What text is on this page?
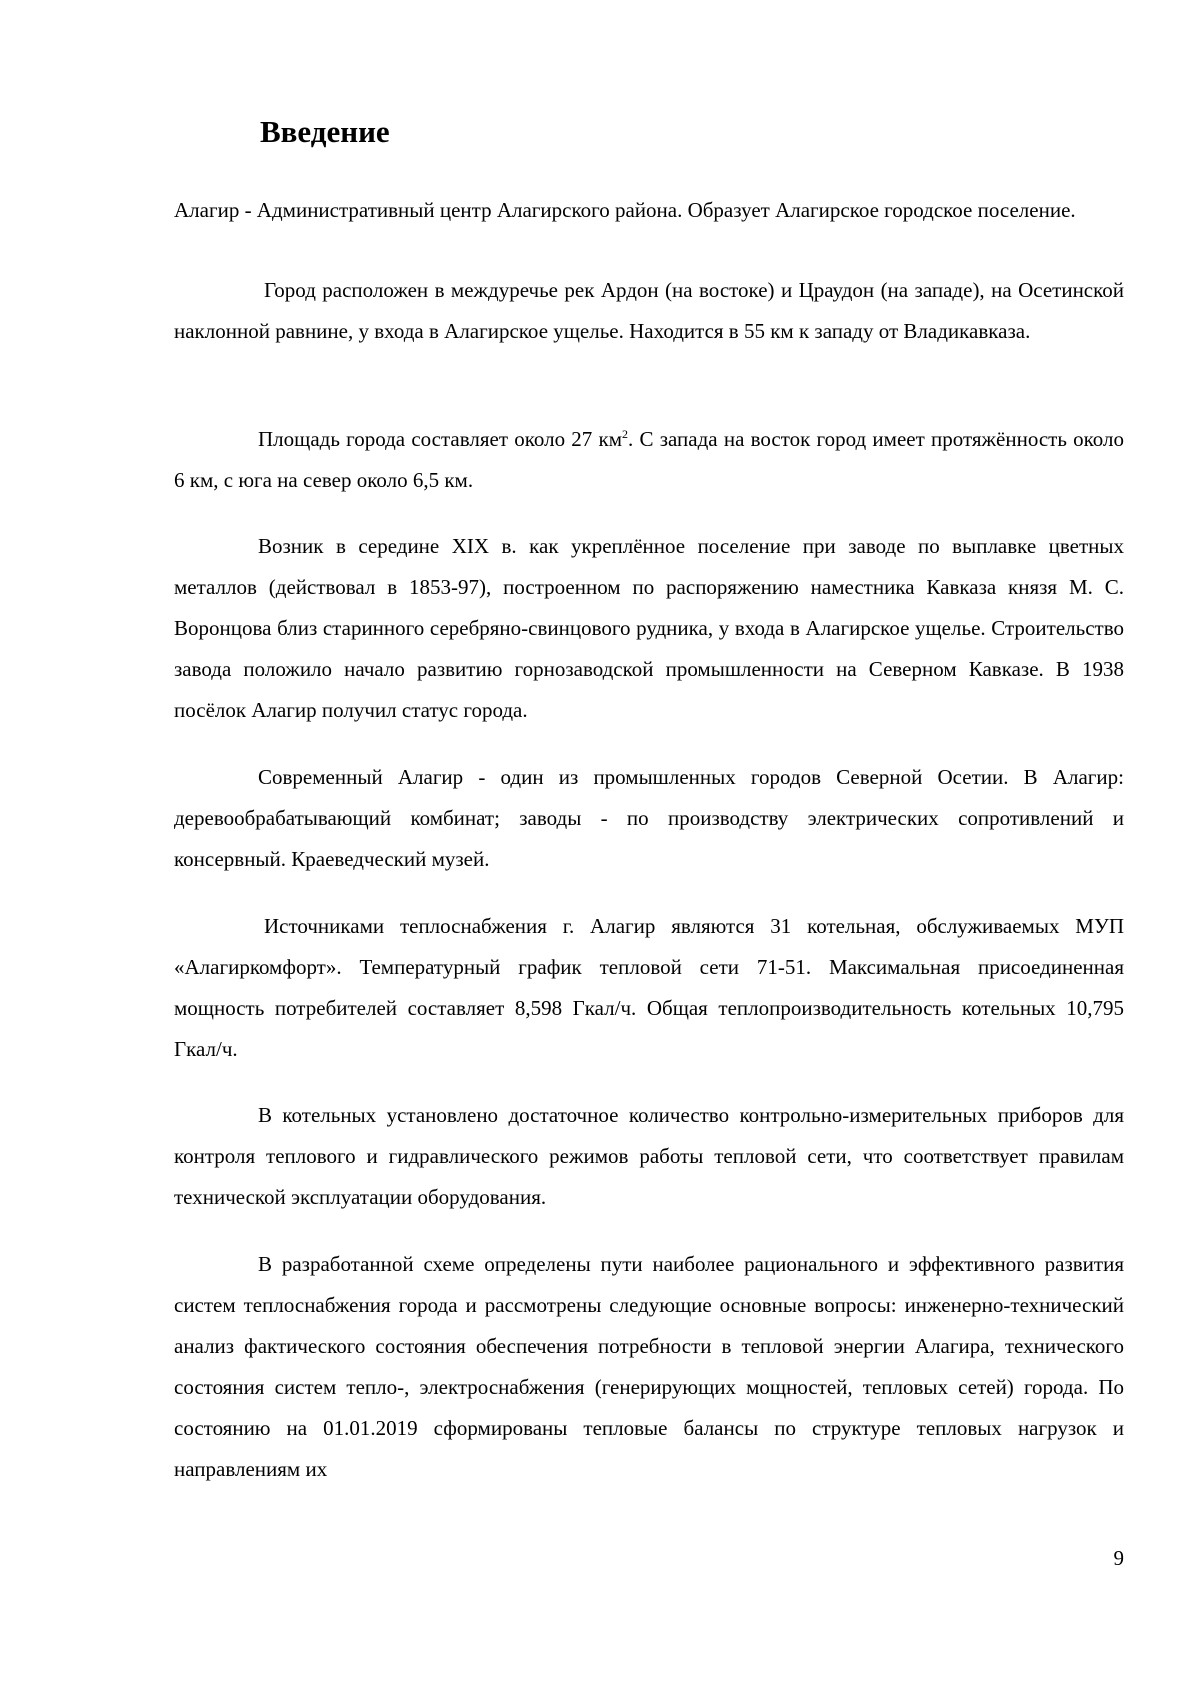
Введение

Алагир - Административный центр Алагирского района. Образует Алагирское городское поселение.

Город расположен в междуречье рек Ардон (на востоке) и Цраудон (на западе), на Осетинской наклонной равнине, у входа в Алагирское ущелье. Находится в 55 км к западу от Владикавказа.

Площадь города составляет около 27 $км^2$. С запада на восток город имеет протяжённость около 6 км, с юга на север около 6,5 км.

Возник в середине XIX в. как укреплённое поселение при заводе по выплавке цветных металлов (действовал в 1853-97), построенном по распоряжению наместника Кавказа князя М. С. Воронцова близ старинного серебряно-свинцового рудника, у входа в Алагирское ущелье. Строительство завода положило начало развитию горнозаводской промышленности на Северном Кавказе. В 1938 посёлок Алагир получил статус города.

Современный Алагир - один из промышленных городов Северной Осетии. В Алагир: деревообрабатывающий комбинат; заводы - по производству электрических сопротивлений и консервный. Краеведческий музей.

Источниками теплоснабжения г. Алагир являются 31 котельная, обслуживаемых МУП «Алагиркомфорт». Температурный график тепловой сети 71-51. Максимальная присоединенная мощность потребителей составляет 8,598 Гкал/ч. Общая теплопроизводительность котельных 10,795 Гкал/ч.

В котельных установлено достаточное количество контрольно-измерительных приборов для контроля теплового и гидравлического режимов работы тепловой сети, что соответствует правилам технической эксплуатации оборудования.

В разработанной схеме определены пути наиболее рационального и эффективного развития систем теплоснабжения города и рассмотрены следующие основные вопросы: инженерно-технический анализ фактического состояния обеспечения потребности в тепловой энергии Алагира, технического состояния систем тепло-, электроснабжения (генерирующих мощностей, тепловых сетей) города. По состоянию на 01.01.2019 сформированы тепловые балансы по структуре тепловых нагрузок и направлениям их

9
